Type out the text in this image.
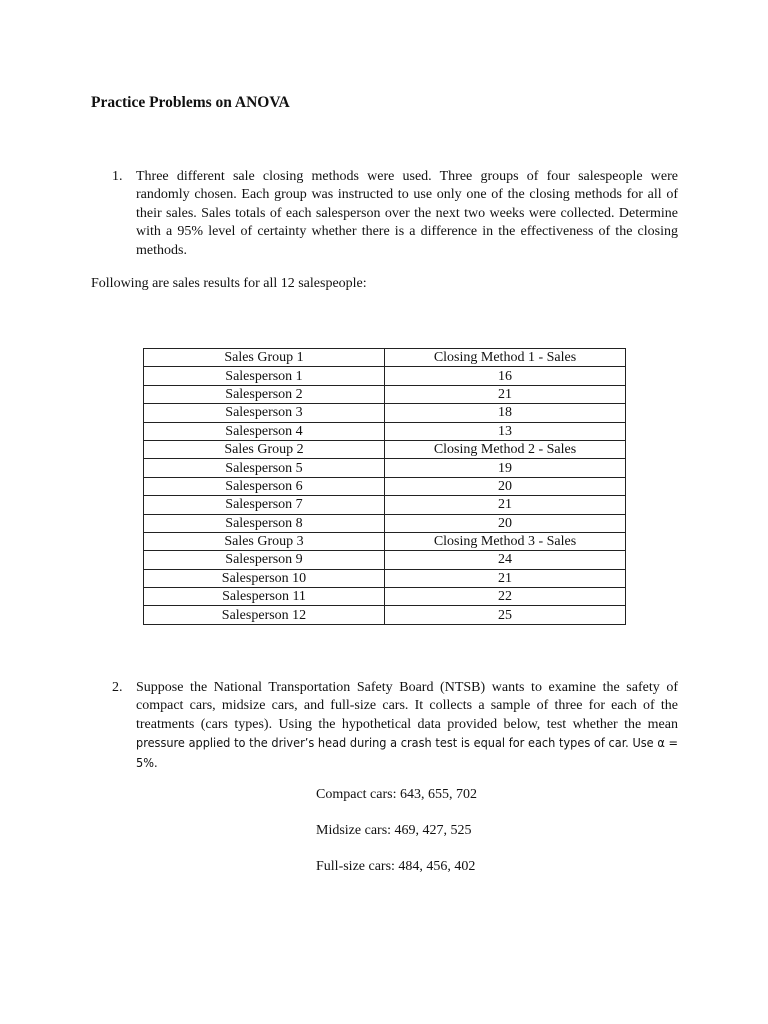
Practice Problems on ANOVA
1. Three different sale closing methods were used. Three groups of four salespeople were randomly chosen. Each group was instructed to use only one of the closing methods for all of their sales. Sales totals of each salesperson over the next two weeks were collected. Determine with a 95% level of certainty whether there is a difference in the effectiveness of the closing methods.

Following are sales results for all 12 salespeople:

Sales Group 1	Closing Method 1 - Sales
Salesperson 1	16
Salesperson 2	21
Salesperson 3	18
Salesperson 4	13
Sales Group 2	Closing Method 2 - Sales
Salesperson 5	19
Salesperson 6	20
Salesperson 7	21
Salesperson 8	20
Sales Group 3	Closing Method 3 - Sales
Salesperson 9	24
Salesperson 10	21
Salesperson 11	22
Salesperson 12	25
2. Suppose the National Transportation Safety Board (NTSB) wants to examine the safety of compact cars, midsize cars, and full-size cars. It collects a sample of three for each of the treatments (cars types). Using the hypothetical data provided below, test whether the mean pressure applied to the driver’s head during a crash test is equal for each types of car. Use α = 5%.

Compact cars: 643, 655, 702

Midsize cars: 469, 427, 525

Full-size cars: 484, 456, 402
